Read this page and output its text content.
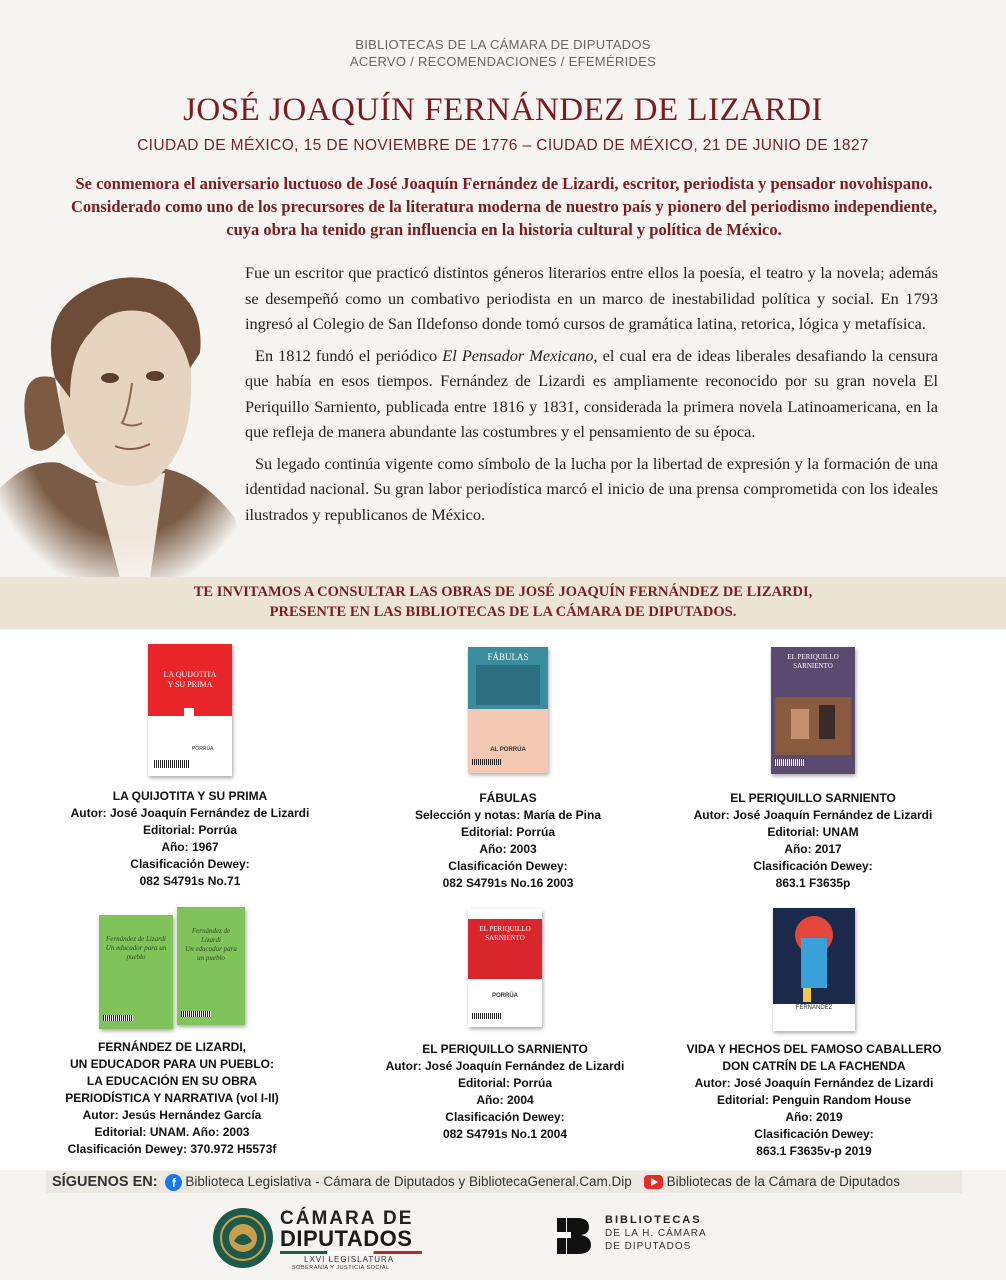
BIBLIOTECAS DE LA CÁMARA DE DIPUTADOS
ACERVO / RECOMENDACIONES / EFEMÉRIDES
JOSÉ JOAQUÍN FERNÁNDEZ DE LIZARDI
CIUDAD DE MÉXICO, 15 DE NOVIEMBRE DE 1776 – CIUDAD DE MÉXICO, 21 DE JUNIO DE 1827
Se conmemora el aniversario luctuoso de José Joaquín Fernández de Lizardi, escritor, periodista y pensador novohispano. Considerado como uno de los precursores de la literatura moderna de nuestro país y pionero del periodismo independiente, cuya obra ha tenido gran influencia en la historia cultural y política de México.

Fue un escritor que practicó distintos géneros literarios entre ellos la poesía, el teatro y la novela; además se desempeñó como un combativo periodista en un marco de inestabilidad política y social. En 1793 ingresó al Colegio de San Ildefonso donde tomó cursos de gramática latina, retorica, lógica y metafísica.

En 1812 fundó el periódico El Pensador Mexicano, el cual era de ideas liberales desafiando la censura que había en esos tiempos. Fernández de Lizardi es ampliamente reconocido por su gran novela El Periquillo Sarniento, publicada entre 1816 y 1831, considerada la primera novela Latinoamericana, en la que refleja de manera abundante las costumbres y el pensamiento de su época.

Su legado continúa vigente como símbolo de la lucha por la libertad de expresión y la formación de una identidad nacional. Su gran labor periodística marcó el inicio de una prensa comprometida con los ideales ilustrados y republicanos de México.

TE INVITAMOS A CONSULTAR LAS OBRAS DE JOSÉ JOAQUÍN FERNÁNDEZ DE LIZARDI,
PRESENTE EN LAS BIBLIOTECAS DE LA CÁMARA DE DIPUTADOS.
LA QUIJOTITA
Y SU PRIMA
PORRÚA
LA QUIJOTITA Y SU PRIMA
Autor: José Joaquín Fernández de Lizardi
Editorial: Porrúa
Año: 1967
Clasificación Dewey:
082 S4791s No.71
FÁBULAS
AL PORRÚA
FÁBULAS
Selección y notas: María de Pina
Editorial: Porrúa
Año: 2003
Clasificación Dewey:
082 S4791s No.16 2003
EL PERIQUILLO
SARNIENTO
EL PERIQUILLO SARNIENTO
Autor: José Joaquín Fernández de Lizardi
Editorial: UNAM
Año: 2017
Clasificación Dewey:
863.1 F3635p
Fernández de Lizardi
Un educador para un pueblo
Fernández de Lizardi
Un educador para un pueblo
FERNÁNDEZ DE LIZARDI,
UN EDUCADOR PARA UN PUEBLO:
LA EDUCACIÓN EN SU OBRA
PERIODÍSTICA Y NARRATIVA (vol I-II)
Autor: Jesús Hernández García
Editorial: UNAM. Año: 2003
Clasificación Dewey: 370.972 H5573f
EL PERIQUILLO
SARNIENTO
PORRÚA
EL PERIQUILLO SARNIENTO
Autor: José Joaquín Fernández de Lizardi
Editorial: Porrúa
Año: 2004
Clasificación Dewey:
082 S4791s No.1 2004
FERNÁNDEZ
VIDA Y HECHOS DEL FAMOSO CABALLERO
DON CATRÍN DE LA FACHENDA
Autor: José Joaquín Fernández de Lizardi
Editorial: Penguin Random House
Año: 2019
Clasificación Dewey:
863.1 F3635v-p 2019
SÍGUENOS EN: f Biblioteca Legislativa - Cámara de Diputados y BibliotecaGeneral.Cam.Dip	Bibliotecas de la Cámara de Diputados
CÁMARA DE
DIPUTADOS
LXVI LEGISLATURA
SOBERANÍA Y JUSTICIA SOCIAL
BIBLIOTECAS
DE LA H. CÁMARA
DE DIPUTADOS
